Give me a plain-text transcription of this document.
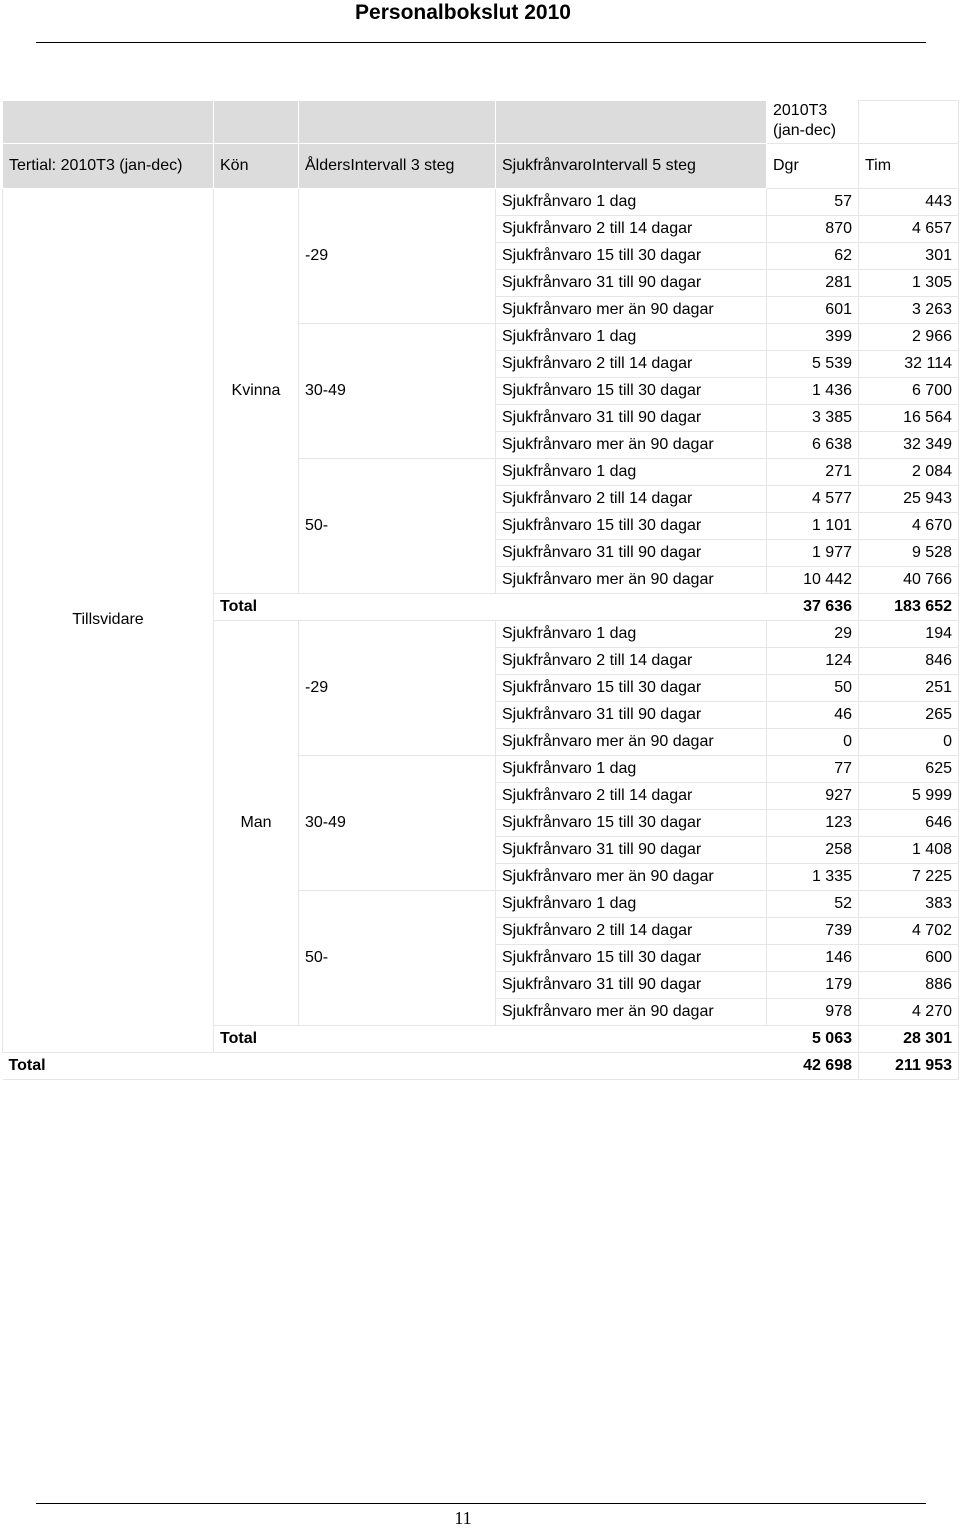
Personalbokslut 2010
				2010T3
(jan-dec)	
Tertial: 2010T3 (jan-dec)	Kön	ÅldersIntervall 3 steg	SjukfrånvaroIntervall 5 steg	Dgr	Tim
Tillsvidare	Kvinna	-29	Sjukfrånvaro 1 dag	57	443
			Sjukfrånvaro 2 till 14 dagar	870	4 657
			Sjukfrånvaro 15 till 30 dagar	62	301
			Sjukfrånvaro 31 till 90 dagar	281	1 305
			Sjukfrånvaro mer än 90 dagar	601	3 263
		30-49	Sjukfrånvaro 1 dag	399	2 966
			Sjukfrånvaro 2 till 14 dagar	5 539	32 114
			Sjukfrånvaro 15 till 30 dagar	1 436	6 700
			Sjukfrånvaro 31 till 90 dagar	3 385	16 564
			Sjukfrånvaro mer än 90 dagar	6 638	32 349
		50-	Sjukfrånvaro 1 dag	271	2 084
			Sjukfrånvaro 2 till 14 dagar	4 577	25 943
			Sjukfrånvaro 15 till 30 dagar	1 101	4 670
			Sjukfrånvaro 31 till 90 dagar	1 977	9 528
			Sjukfrånvaro mer än 90 dagar	10 442	40 766
	Total			37 636	183 652
	Man	-29	Sjukfrånvaro 1 dag	29	194
			Sjukfrånvaro 2 till 14 dagar	124	846
			Sjukfrånvaro 15 till 30 dagar	50	251
			Sjukfrånvaro 31 till 90 dagar	46	265
			Sjukfrånvaro mer än 90 dagar	0	0
		30-49	Sjukfrånvaro 1 dag	77	625
			Sjukfrånvaro 2 till 14 dagar	927	5 999
			Sjukfrånvaro 15 till 30 dagar	123	646
			Sjukfrånvaro 31 till 90 dagar	258	1 408
			Sjukfrånvaro mer än 90 dagar	1 335	7 225
		50-	Sjukfrånvaro 1 dag	52	383
			Sjukfrånvaro 2 till 14 dagar	739	4 702
			Sjukfrånvaro 15 till 30 dagar	146	600
			Sjukfrånvaro 31 till 90 dagar	179	886
			Sjukfrånvaro mer än 90 dagar	978	4 270
	Total			5 063	28 301
Total				42 698	211 953
11
